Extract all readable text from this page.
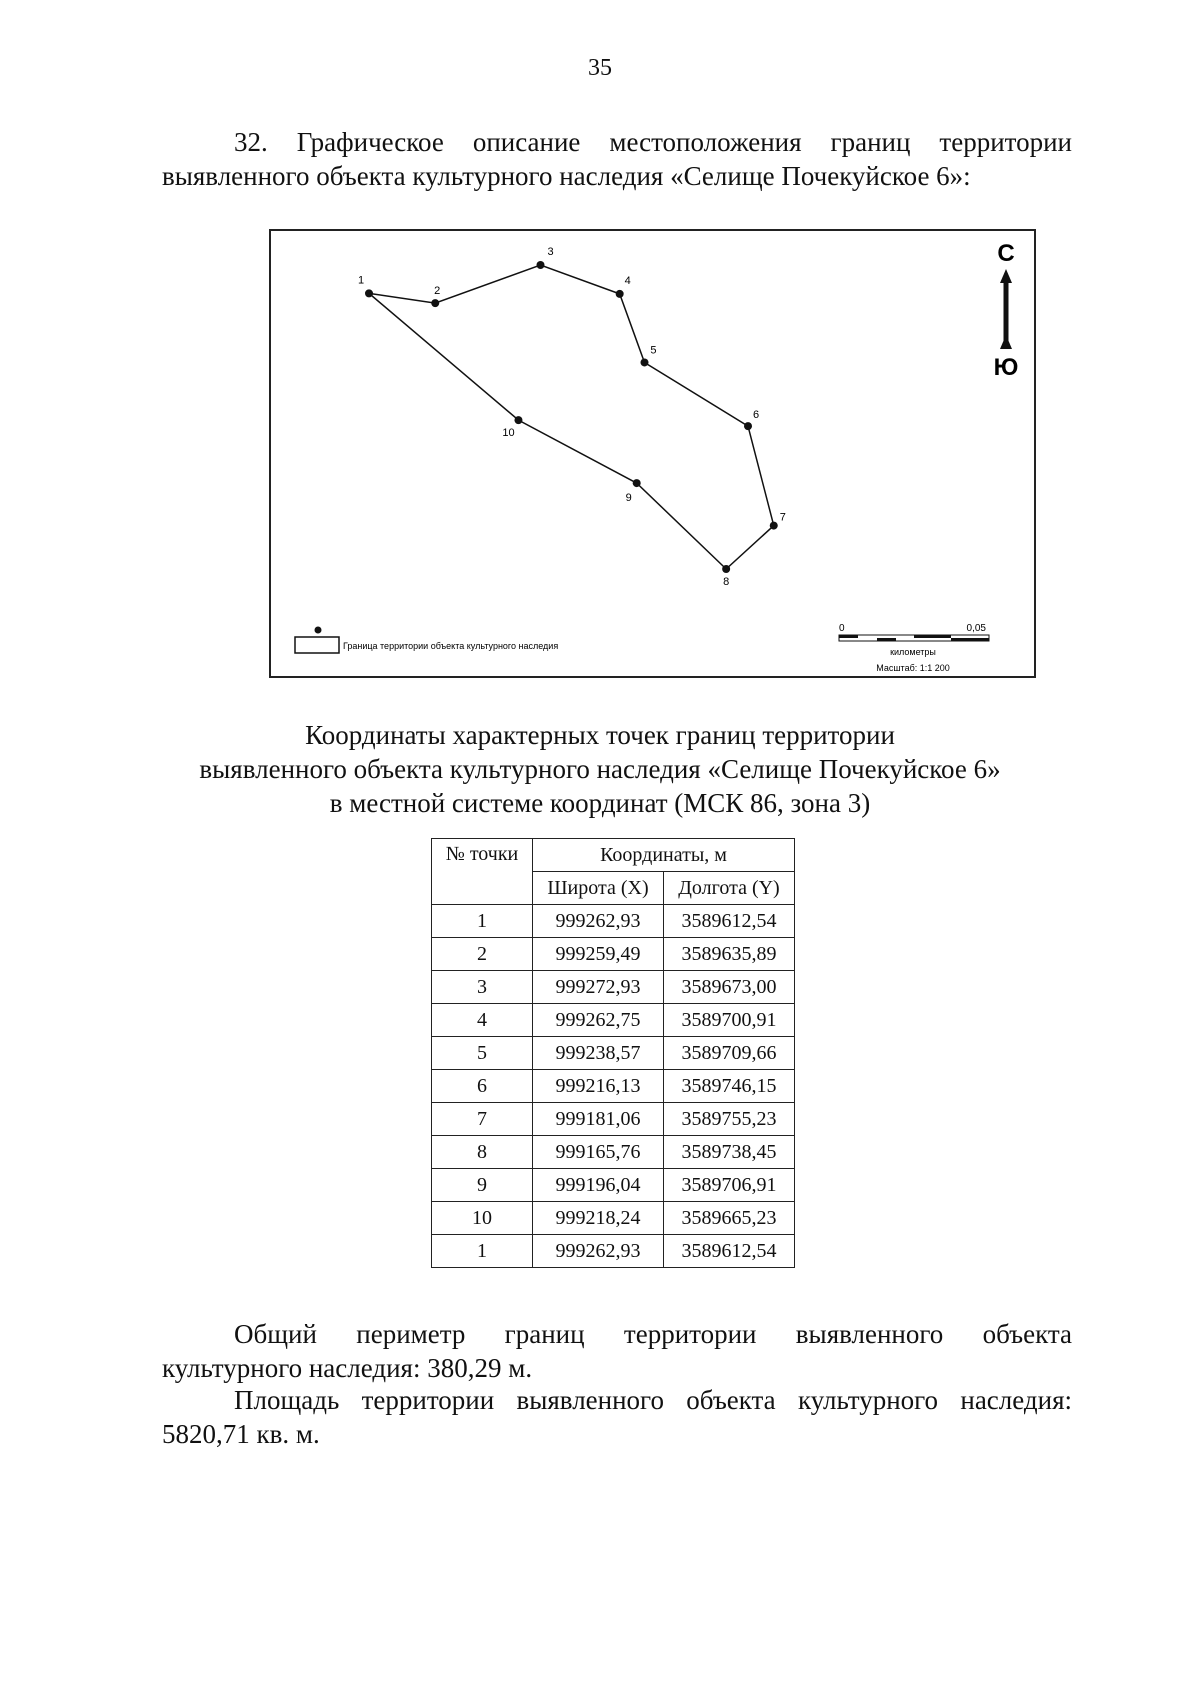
35
32. Графическое описание местоположения границ территории
выявленного объекта культурного наследия «Селище Почекуйское 6»:
1
2
3
4
5
6
7
8
9
10
С
Ю
Граница территории объекта культурного наследия
0	0,05
километры
Масштаб: 1:1 200
Координаты характерных точек границ территории
выявленного объекта культурного наследия «Селище Почекуйское 6»
в местной системе координат (МСК 86, зона 3)
№ точки	Координаты, м	
	Широта (X)	Долгота (Y)
1	999262,93	3589612,54
2	999259,49	3589635,89
3	999272,93	3589673,00
4	999262,75	3589700,91
5	999238,57	3589709,66
6	999216,13	3589746,15
7	999181,06	3589755,23
8	999165,76	3589738,45
9	999196,04	3589706,91
10	999218,24	3589665,23
1	999262,93	3589612,54
Общий периметр границ территории выявленного объекта
культурного наследия: 380,29 м.
Площадь территории выявленного объекта культурного наследия:
5820,71 кв. м.
